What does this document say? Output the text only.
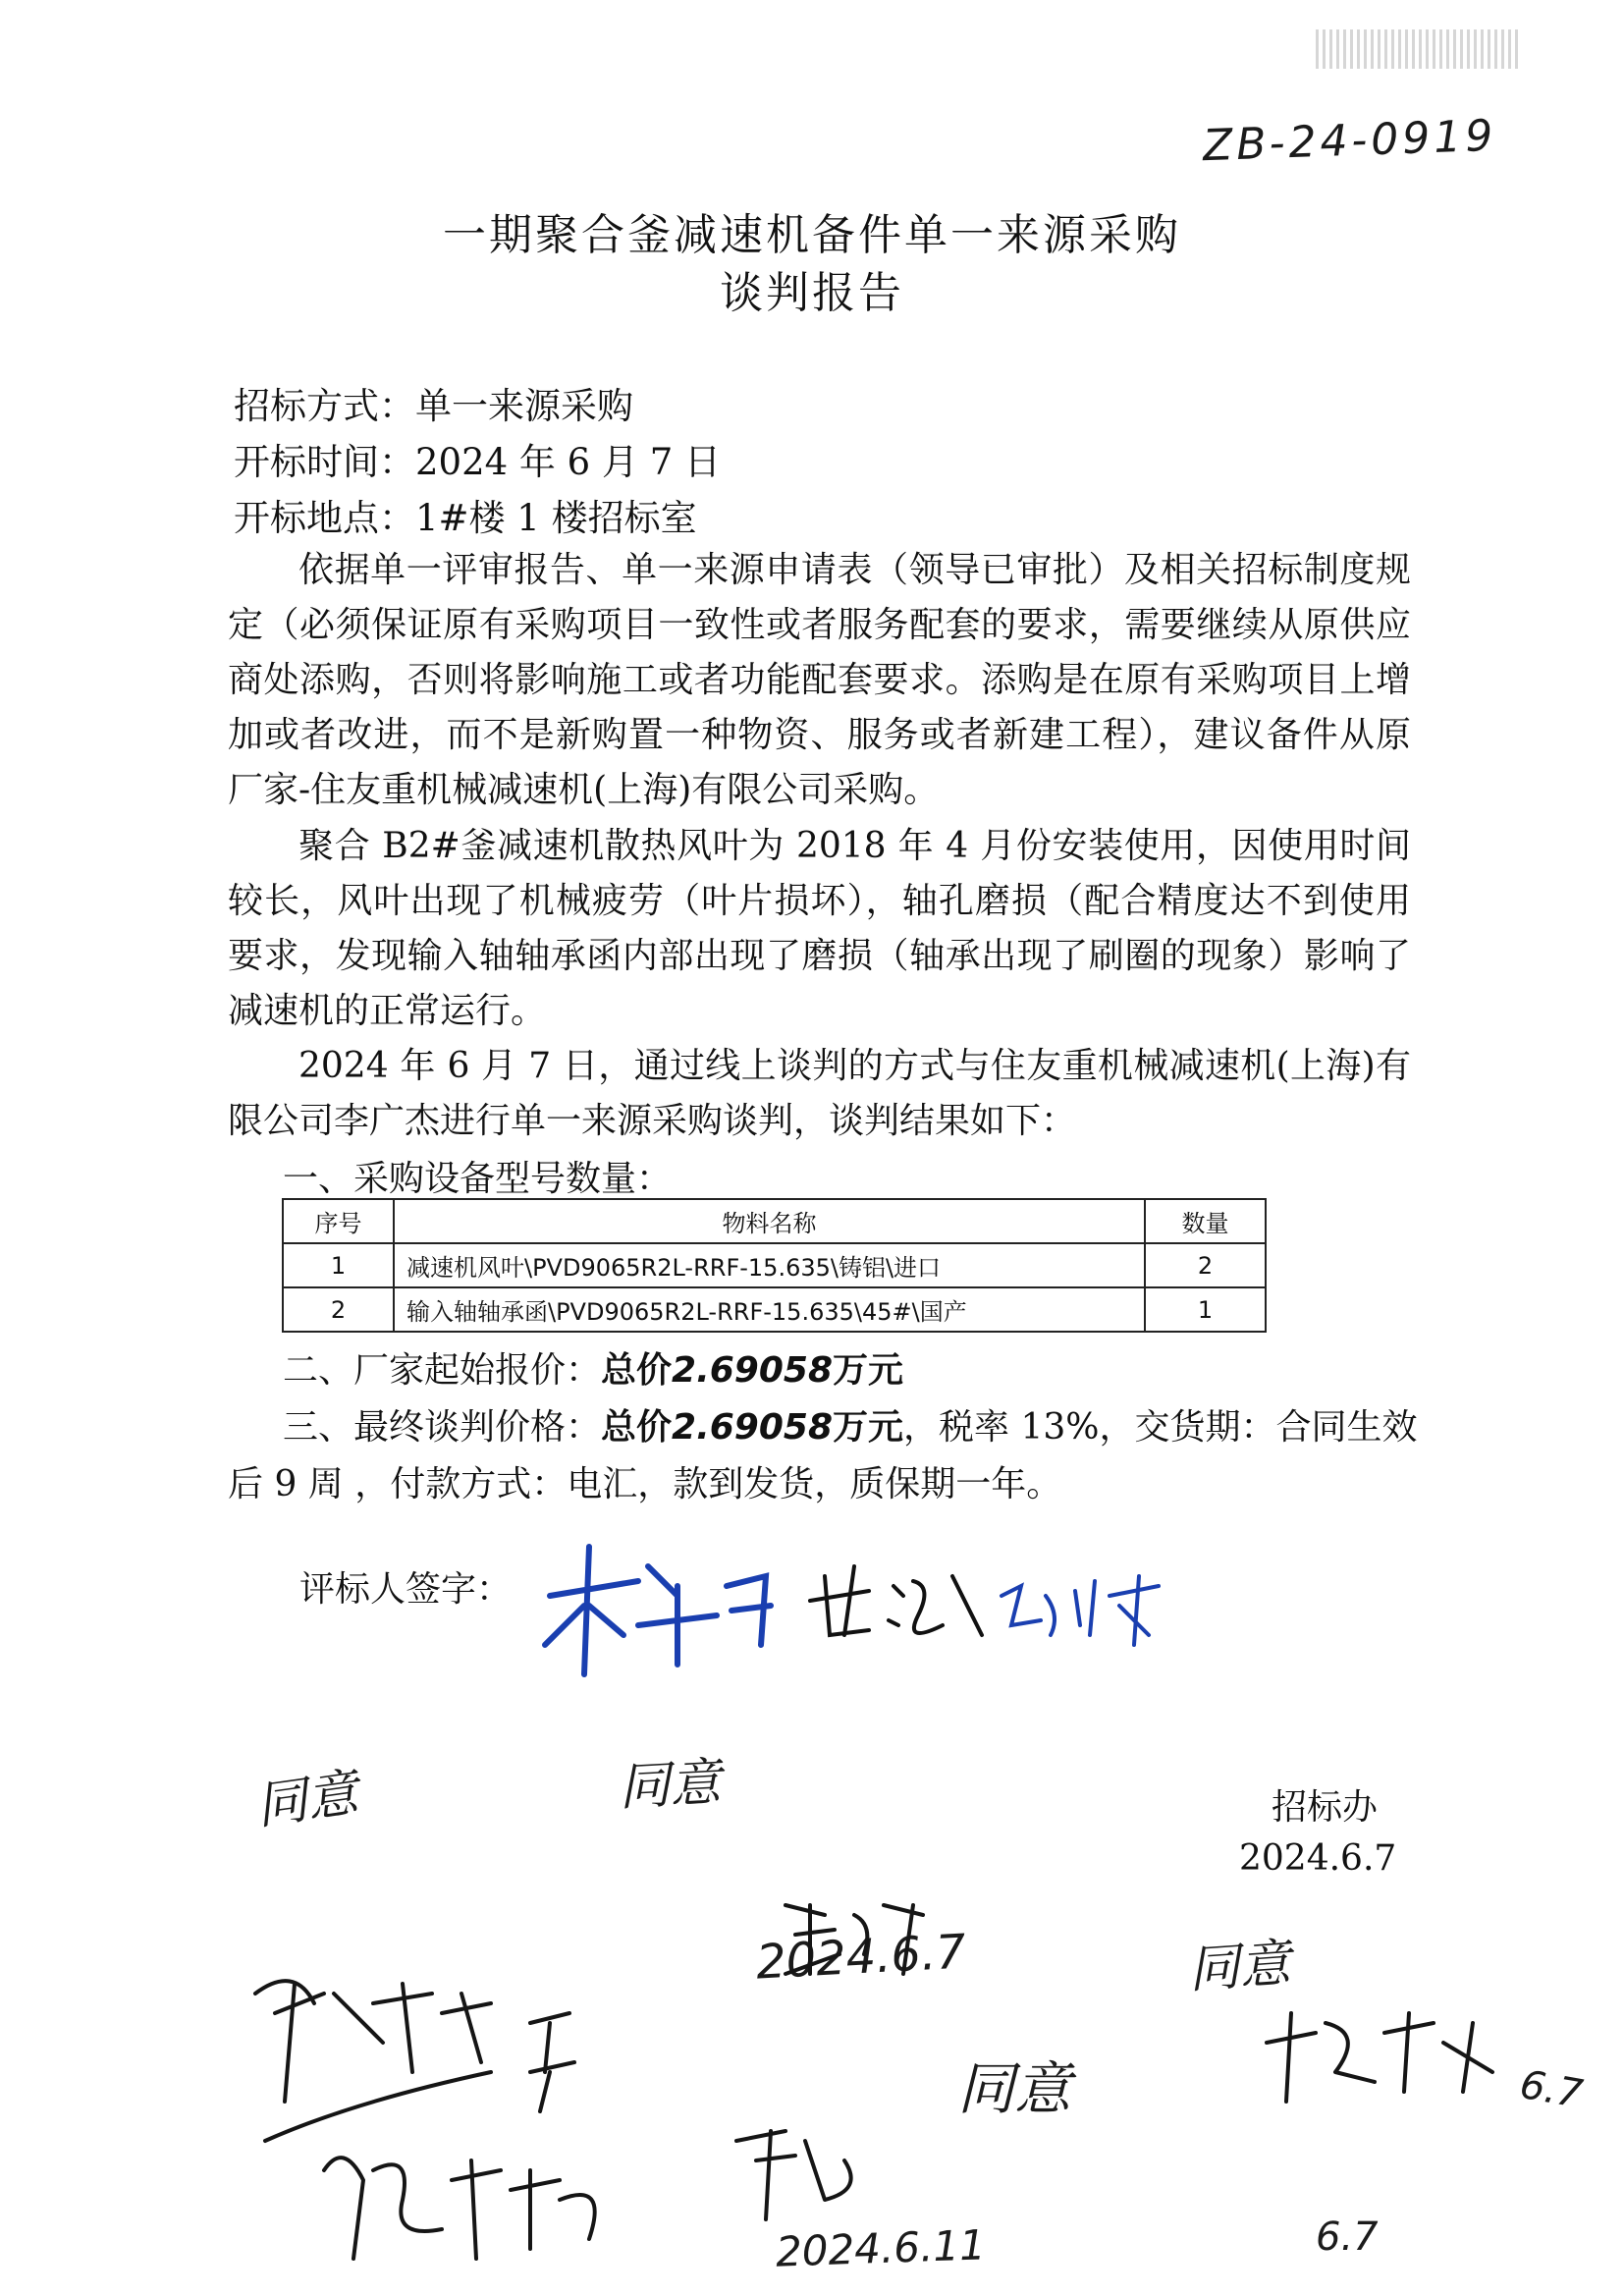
ZB-24-0919
一期聚合釜减速机备件单一来源采购
谈判报告
招标方式：单一来源采购
开标时间：2024 年 6 月 7 日
开标地点：1#楼 1 楼招标室
依据单一评审报告、单一来源申请表（领导已审批）及相关招标制度规定（必须保证原有采购项目一致性或者服务配套的要求，需要继续从原供应商处添购，否则将影响施工或者功能配套要求。添购是在原有采购项目上增加或者改进，而不是新购置一种物资、服务或者新建工程），建议备件从原厂家-住友重机械减速机(上海)有限公司采购。
聚合 B2#釜减速机散热风叶为 2018 年 4 月份安装使用，因使用时间较长，风叶出现了机械疲劳（叶片损坏），轴孔磨损（配合精度达不到使用要求，发现输入轴轴承函内部出现了磨损（轴承出现了刷圈的现象）影响了减速机的正常运行。
2024 年 6 月 7 日，通过线上谈判的方式与住友重机械减速机(上海)有限公司李广杰进行单一来源采购谈判，谈判结果如下：
一、采购设备型号数量：
序号	物料名称	数量
1	减速机风叶\PVD9065R2L-RRF-15.635\铸铝\进口	2
2	输入轴轴承函\PVD9065R2L-RRF-15.635\45#\国产	1
二、厂家起始报价：总价2.69058万元
三、最终谈判价格：总价2.69058万元，税率 13%，交货期：合同生效
后 9 周 ，付款方式：电汇，款到发货，质保期一年。
评标人签字：
招标办
2024.6.7
同意	同意
同意
同意
2024.6.7
6.7
2024.6.11	6.7
